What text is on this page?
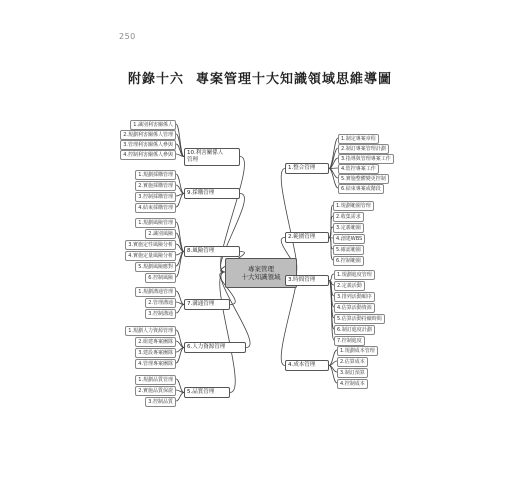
250
附錄十六 專案管理十大知識領域思維導圖
專案管理
十大知識領域
10.利害關係人
管理
1.識別利害關係人
2.規劃利害關係人管理
3.管理利害關係人參與
4.控制利害關係人參與
9.採購管理
1.規劃採購管理
2.實施採購管理
3.控制採購管理
4.結束採購管理
8.風險管理
1.規劃風險管理
2.識別風險
3.實施定性風險分析
4.實施定量風險分析
5.規劃風險應對
6.控制風險
7.溝通管理
1.規劃溝通管理
2.管理溝通
3.控制溝通
6.人力資源管理
1.規劃人力資源管理
2.組建專案團隊
3.建設專案團隊
4.管理專案團隊
5.品質管理
1.規劃品質管理
2.實施品質保證
3.控制品質
1.整合管理
1.制定專案章程
2.制訂專案管理計劃
3.指導與管理專案工作
4.監控專案工作
5.實施整體變更控制
6.結束專案或階段
2.範圍管理
1.規劃範圍管理
2.收集需求
3.定義範圍
4.創建WBS
5.確認範圍
6.控制範圍
3.時間管理
1.規劃進度管理
2.定義活動
3.排列活動順序
4.估算活動資源
5.估算活動持續時間
6.制訂進度計劃
7.控制進度
4.成本管理
1.規劃成本管理
2.估算成本
3.制訂預算
4.控制成本
